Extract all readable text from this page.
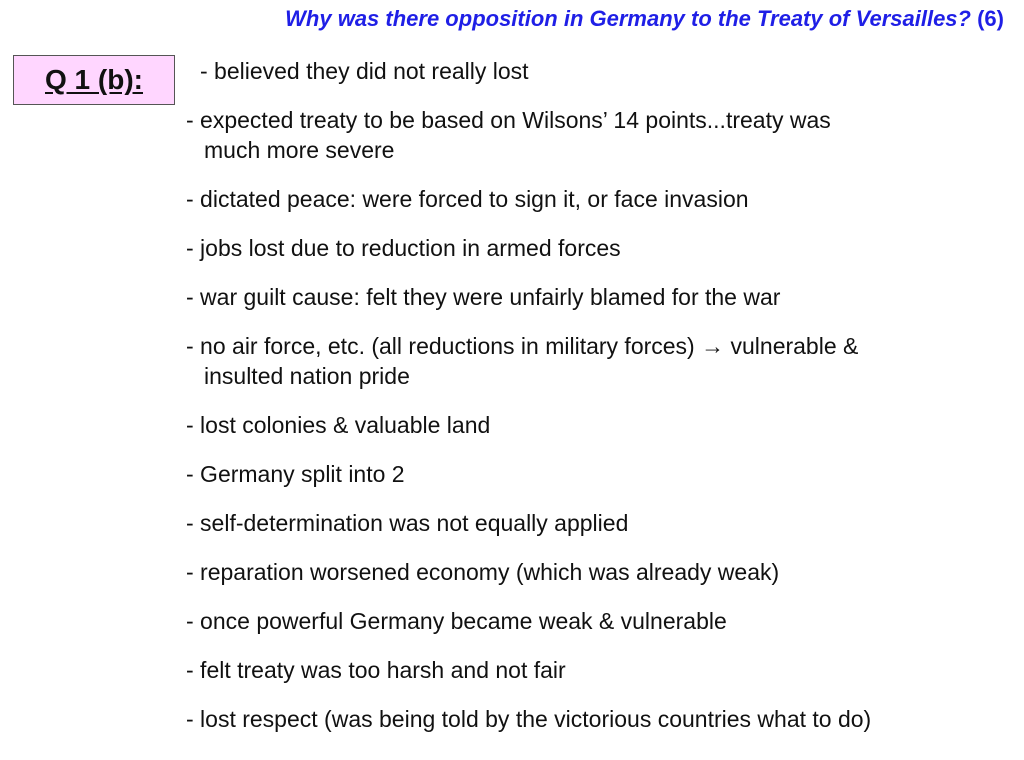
Why was there opposition in Germany to the Treaty of Versailles? (6)
Q 1 (b):	- believed they did not really lost
- expected treaty to be based on Wilsons’ 14 points...treaty was
much more severe
- dictated peace: were forced to sign it, or face invasion
- jobs lost due to reduction in armed forces
- war guilt cause: felt they were unfairly blamed for the war
- no air force, etc. (all reductions in military forces) → vulnerable &
insulted nation pride
- lost colonies & valuable land
- Germany split into 2
- self-determination was not equally applied
- reparation worsened economy (which was already weak)
- once powerful Germany became weak & vulnerable
- felt treaty was too harsh and not fair
- lost respect (was being told by the victorious countries what to do)
